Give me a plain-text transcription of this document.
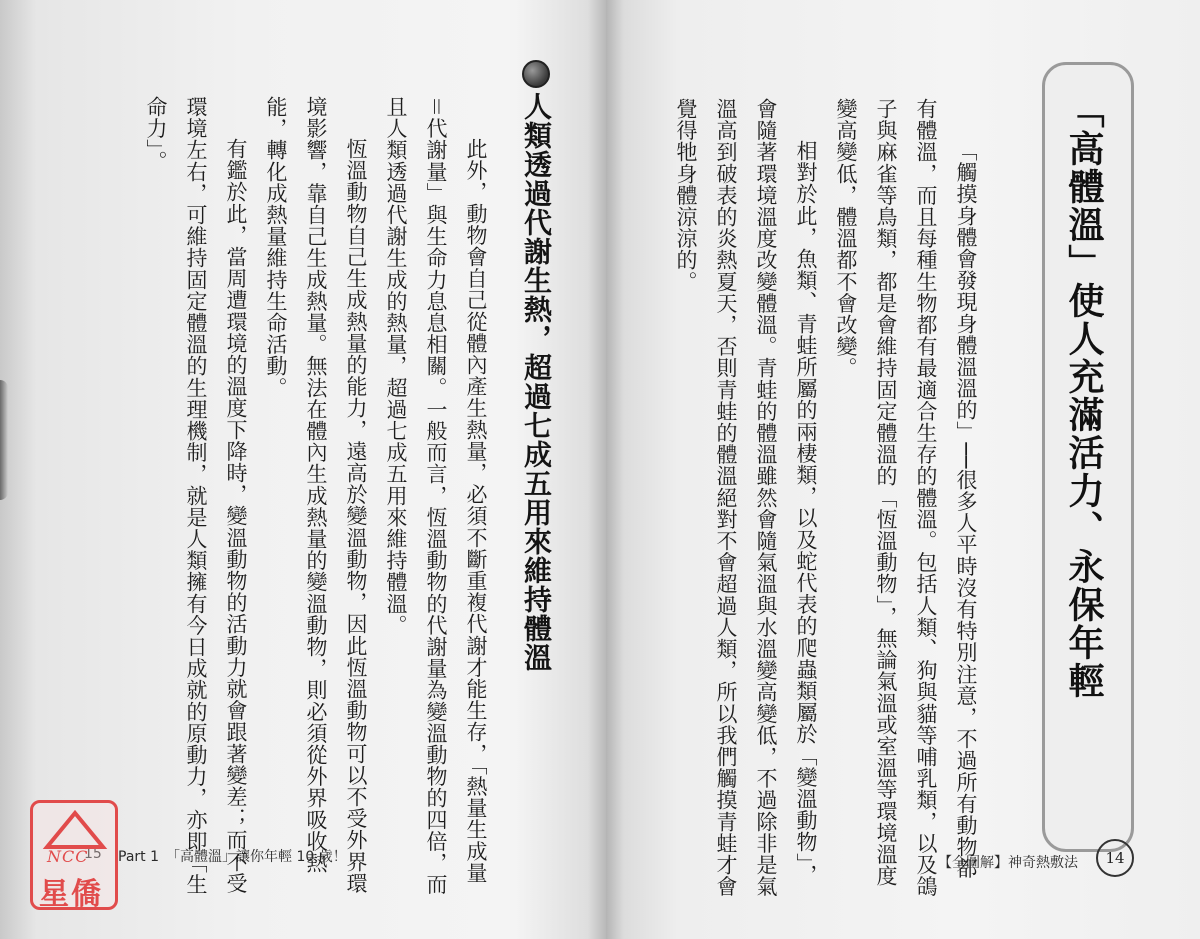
人類透過代謝生熱，超過七成五用來維持體溫
此外，動物會自己從體內產生熱量，必須不斷重複代謝才能生存，「熱量生成量
＝代謝量」與生命力息息相關。一般而言，恆溫動物的代謝量為變溫動物的四倍，而
且人類透過代謝生成的熱量，超過七成五用來維持體溫。
恆溫動物自己生成熱量的能力，遠高於變溫動物，因此恆溫動物可以不受外界環
境影響，靠自己生成熱量。無法在體內生成熱量的變溫動物，則必須從外界吸收熱
能，轉化成熱量維持生命活動。
有鑑於此，當周遭環境的溫度下降時，變溫動物的活動力就會跟著變差；而不受
環境左右，可維持固定體溫的生理機制，就是人類擁有今日成就的原動力，亦即「生
命力」。
15 Part 1　「高體溫」讓你年輕 10 歲！
NCC
星僑
「高體溫」使人充滿活力、永保年輕
「觸摸身體會發現身體溫溫的」──很多人平時沒有特別注意，不過所有動物都
有體溫，而且每種生物都有最適合生存的體溫。包括人類、狗與貓等哺乳類，以及鴿
子與麻雀等鳥類，都是會維持固定體溫的「恆溫動物」，無論氣溫或室溫等環境溫度
變高變低，體溫都不會改變。
相對於此，魚類、青蛙所屬的兩棲類，以及蛇代表的爬蟲類屬於「變溫動物」，
會隨著環境溫度改變體溫。青蛙的體溫雖然會隨氣溫與水溫變高變低，不過除非是氣
溫高到破表的炎熱夏天，否則青蛙的體溫絕對不會超過人類，所以我們觸摸青蛙才會
覺得牠身體涼涼的。
【全圖解】神奇熱敷法	14
